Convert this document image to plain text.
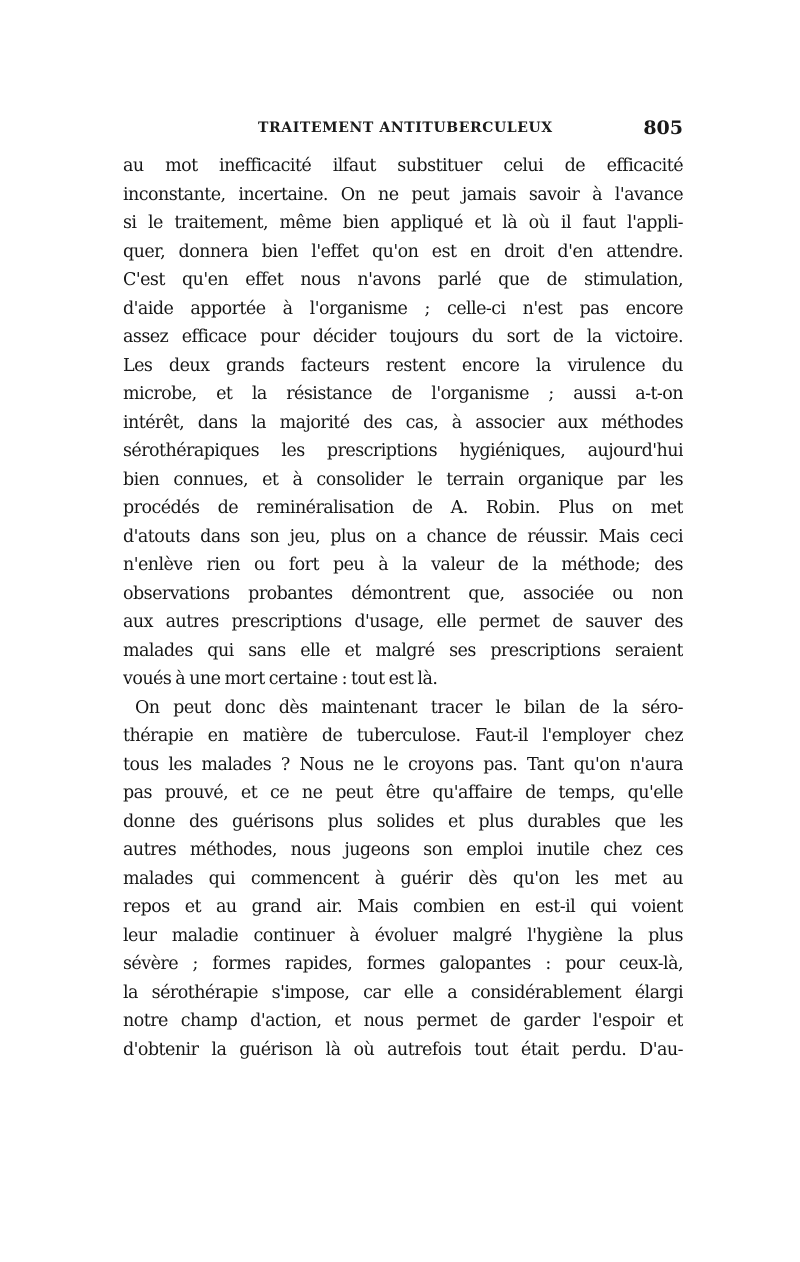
TRAITEMENT ANTITUBERCULEUX	805
au mot inefficacité ilfaut substituer celui de efficacité
inconstante, incertaine. On ne peut jamais savoir à l'avance
si le traitement, même bien appliqué et là où il faut l'appli-
quer, donnera bien l'effet qu'on est en droit d'en attendre.
C'est qu'en effet nous n'avons parlé que de stimulation,
d'aide apportée à l'organisme ; celle-ci n'est pas encore
assez efficace pour décider toujours du sort de la victoire.
Les deux grands facteurs restent encore la virulence du
microbe, et la résistance de l'organisme ; aussi a-t-on
intérêt, dans la majorité des cas, à associer aux méthodes
sérothérapiques les prescriptions hygiéniques, aujourd'hui
bien connues, et à consolider le terrain organique par les
procédés de reminéralisation de A. Robin. Plus on met
d'atouts dans son jeu, plus on a chance de réussir. Mais ceci
n'enlève rien ou fort peu à la valeur de la méthode; des
observations probantes démontrent que, associée ou non
aux autres prescriptions d'usage, elle permet de sauver des
malades qui sans elle et malgré ses prescriptions seraient
voués à une mort certaine : tout est là.
On peut donc dès maintenant tracer le bilan de la séro-
thérapie en matière de tuberculose. Faut-il l'employer chez
tous les malades ? Nous ne le croyons pas. Tant qu'on n'aura
pas prouvé, et ce ne peut être qu'affaire de temps, qu'elle
donne des guérisons plus solides et plus durables que les
autres méthodes, nous jugeons son emploi inutile chez ces
malades qui commencent à guérir dès qu'on les met au
repos et au grand air. Mais combien en est-il qui voient
leur maladie continuer à évoluer malgré l'hygiène la plus
sévère ; formes rapides, formes galopantes : pour ceux-là,
la sérothérapie s'impose, car elle a considérablement élargi
notre champ d'action, et nous permet de garder l'espoir et
d'obtenir la guérison là où autrefois tout était perdu. D'au-
